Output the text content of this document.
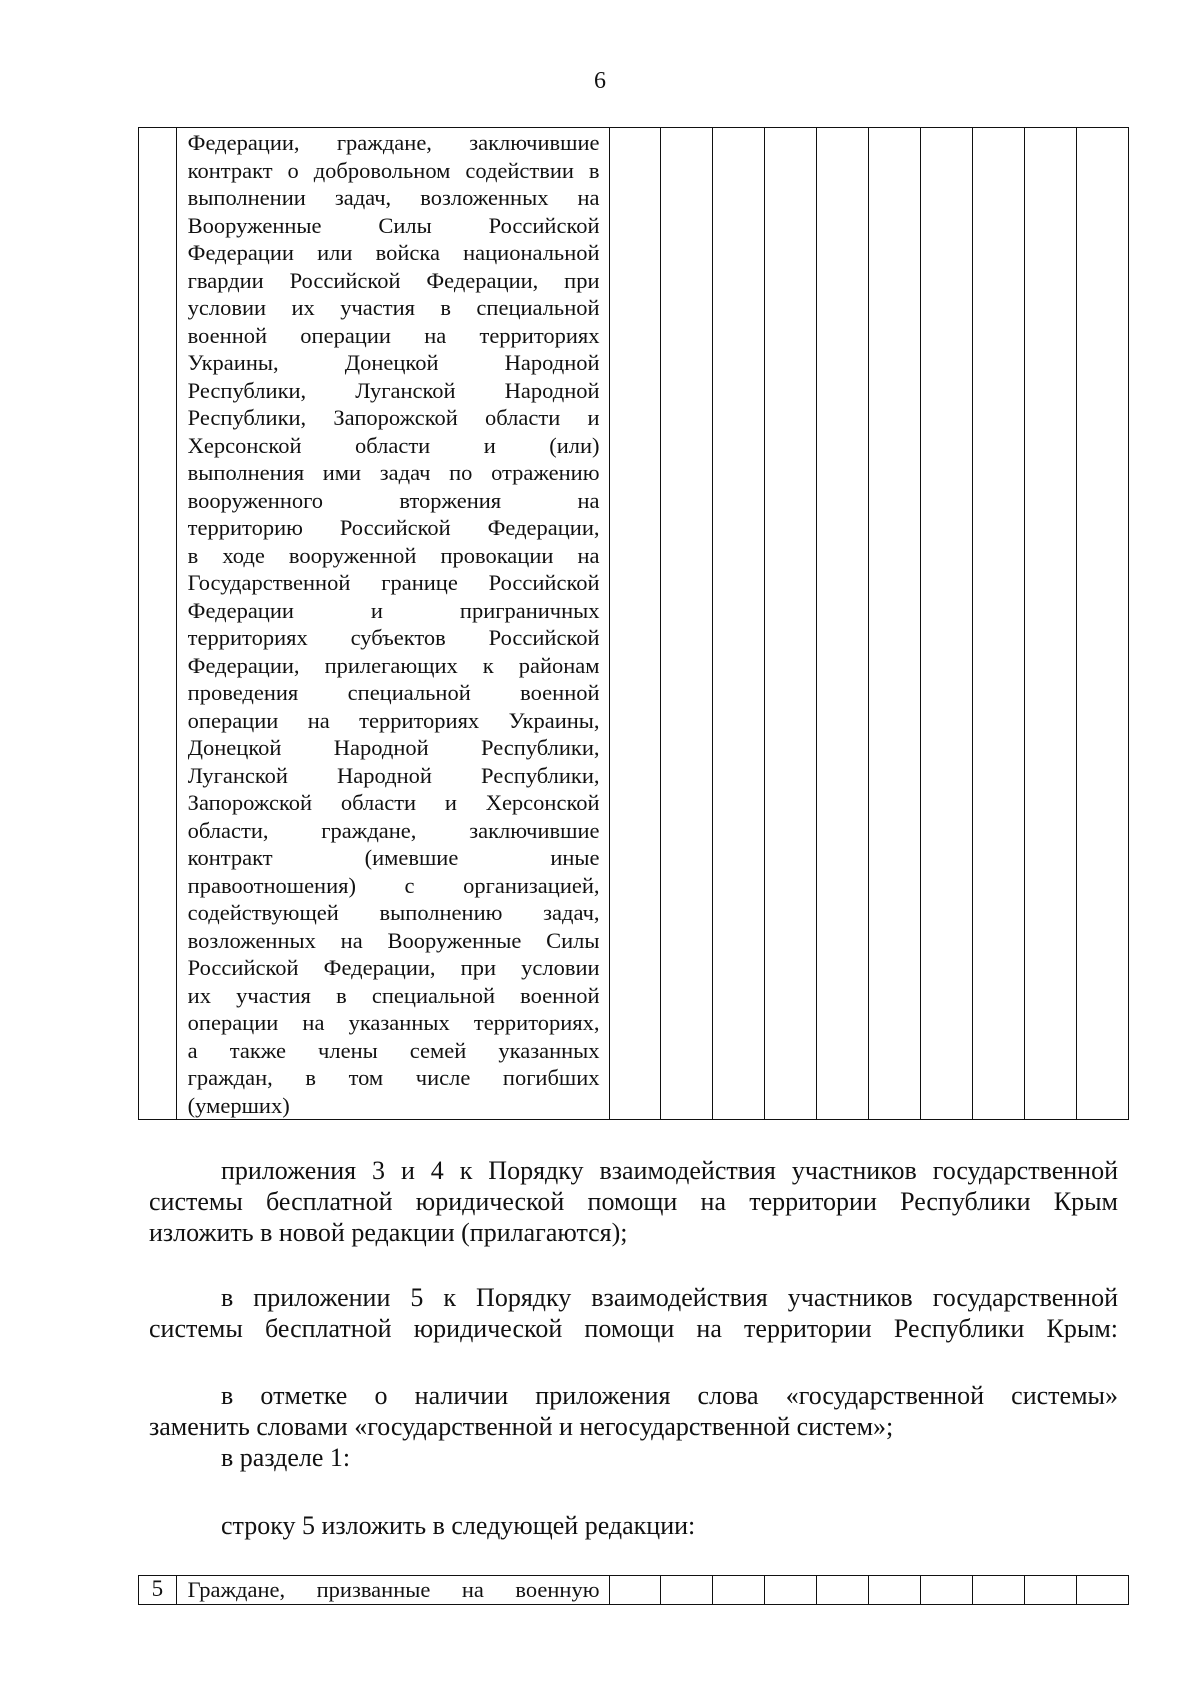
6

Федерации, граждане, заключившие
контракт о добровольном содействии в
выполнении задач, возложенных на
Вооруженные Силы Российской
Федерации или войска национальной
гвардии Российской Федерации, при
условии их участия в специальной
военной операции на территориях
Украины, Донецкой Народной
Республики, Луганской Народной
Республики, Запорожской области и
Херсонской области и (или)
выполнения ими задач по отражению
вооруженного вторжения на
территорию Российской Федерации,
в ходе вооруженной провокации на
Государственной границе Российской
Федерации и приграничных
территориях субъектов Российской
Федерации, прилегающих к районам
проведения специальной военной
операции на территориях Украины,
Донецкой Народной Республики,
Луганской Народной Республики,
Запорожской области и Херсонской
области, граждане, заключившие
контракт (имевшие иные
правоотношения) с организацией,
содействующей выполнению задач,
возложенных на Вооруженные Силы
Российской Федерации, при условии
их участия в специальной военной
операции на указанных территориях,
а также члены семей указанных
граждан, в том числе погибших
(умерших)

приложения 3 и 4 к Порядку взаимодействия участников государственной
системы бесплатной юридической помощи на территории Республики Крым
изложить в новой редакции (прилагаются);
в приложении 5 к Порядку взаимодействия участников государственной
системы бесплатной юридической помощи на территории Республики Крым:
в отметке о наличии приложения слова «государственной системы»
заменить словами «государственной и негосударственной систем»;
в разделе 1:
строку 5 изложить в следующей редакции:
5	Граждане, призванные на военную
